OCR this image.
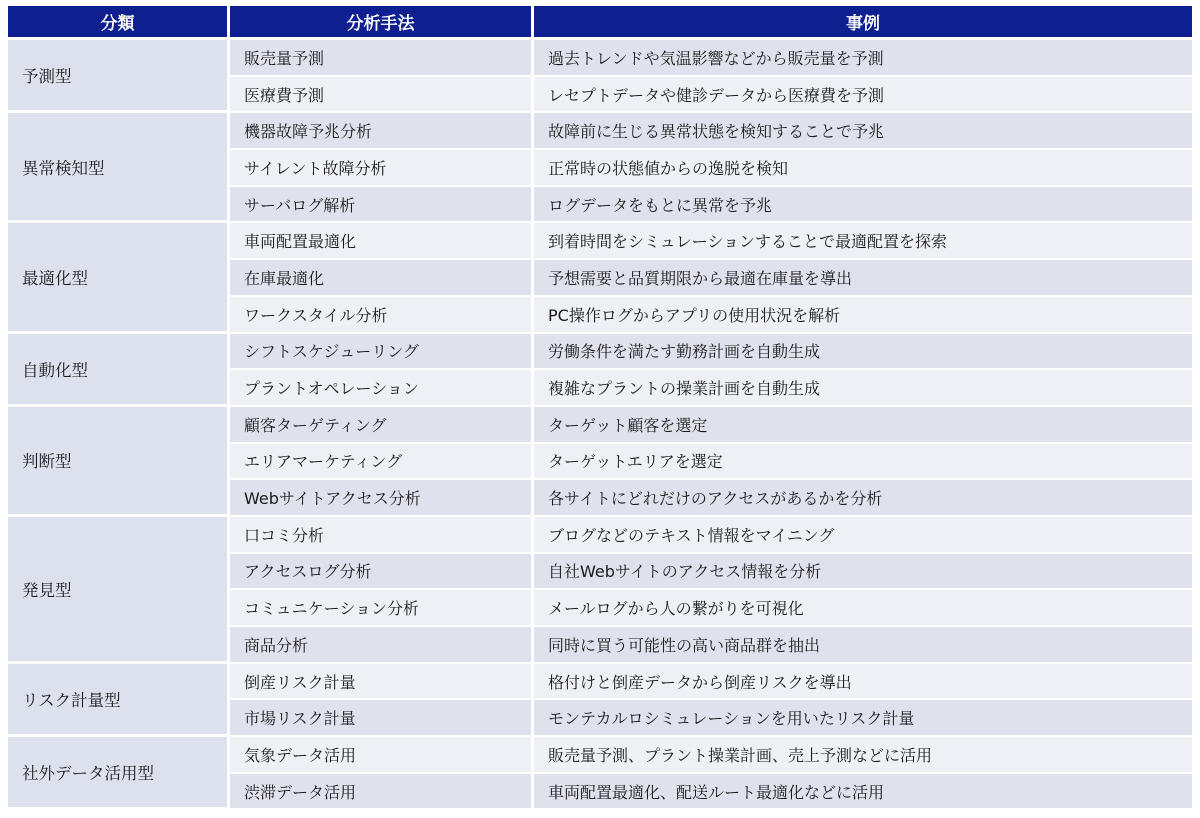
分類	分析手法	事例
予測型	販売量予測	過去トレンドや気温影響などから販売量を予測
	医療費予測	レセプトデータや健診データから医療費を予測
異常検知型	機器故障予兆分析	故障前に生じる異常状態を検知することで予兆
	サイレント故障分析	正常時の状態値からの逸脱を検知
	サーバログ解析	ログデータをもとに異常を予兆
最適化型	車両配置最適化	到着時間をシミュレーションすることで最適配置を探索
	在庫最適化	予想需要と品質期限から最適在庫量を導出
	ワークスタイル分析	PC操作ログからアプリの使用状況を解析
自動化型	シフトスケジューリング	労働条件を満たす勤務計画を自動生成
	プラントオペレーション	複雑なプラントの操業計画を自動生成
判断型	顧客ターゲティング	ターゲット顧客を選定
	エリアマーケティング	ターゲットエリアを選定
	Webサイトアクセス分析	各サイトにどれだけのアクセスがあるかを分析
発見型	口コミ分析	ブログなどのテキスト情報をマイニング
	アクセスログ分析	自社Webサイトのアクセス情報を分析
	コミュニケーション分析	メールログから人の繋がりを可視化
	商品分析	同時に買う可能性の高い商品群を抽出
リスク計量型	倒産リスク計量	格付けと倒産データから倒産リスクを導出
	市場リスク計量	モンテカルロシミュレーションを用いたリスク計量
社外データ活用型	気象データ活用	販売量予測、プラント操業計画、売上予測などに活用
	渋滞データ活用	車両配置最適化、配送ルート最適化などに活用
